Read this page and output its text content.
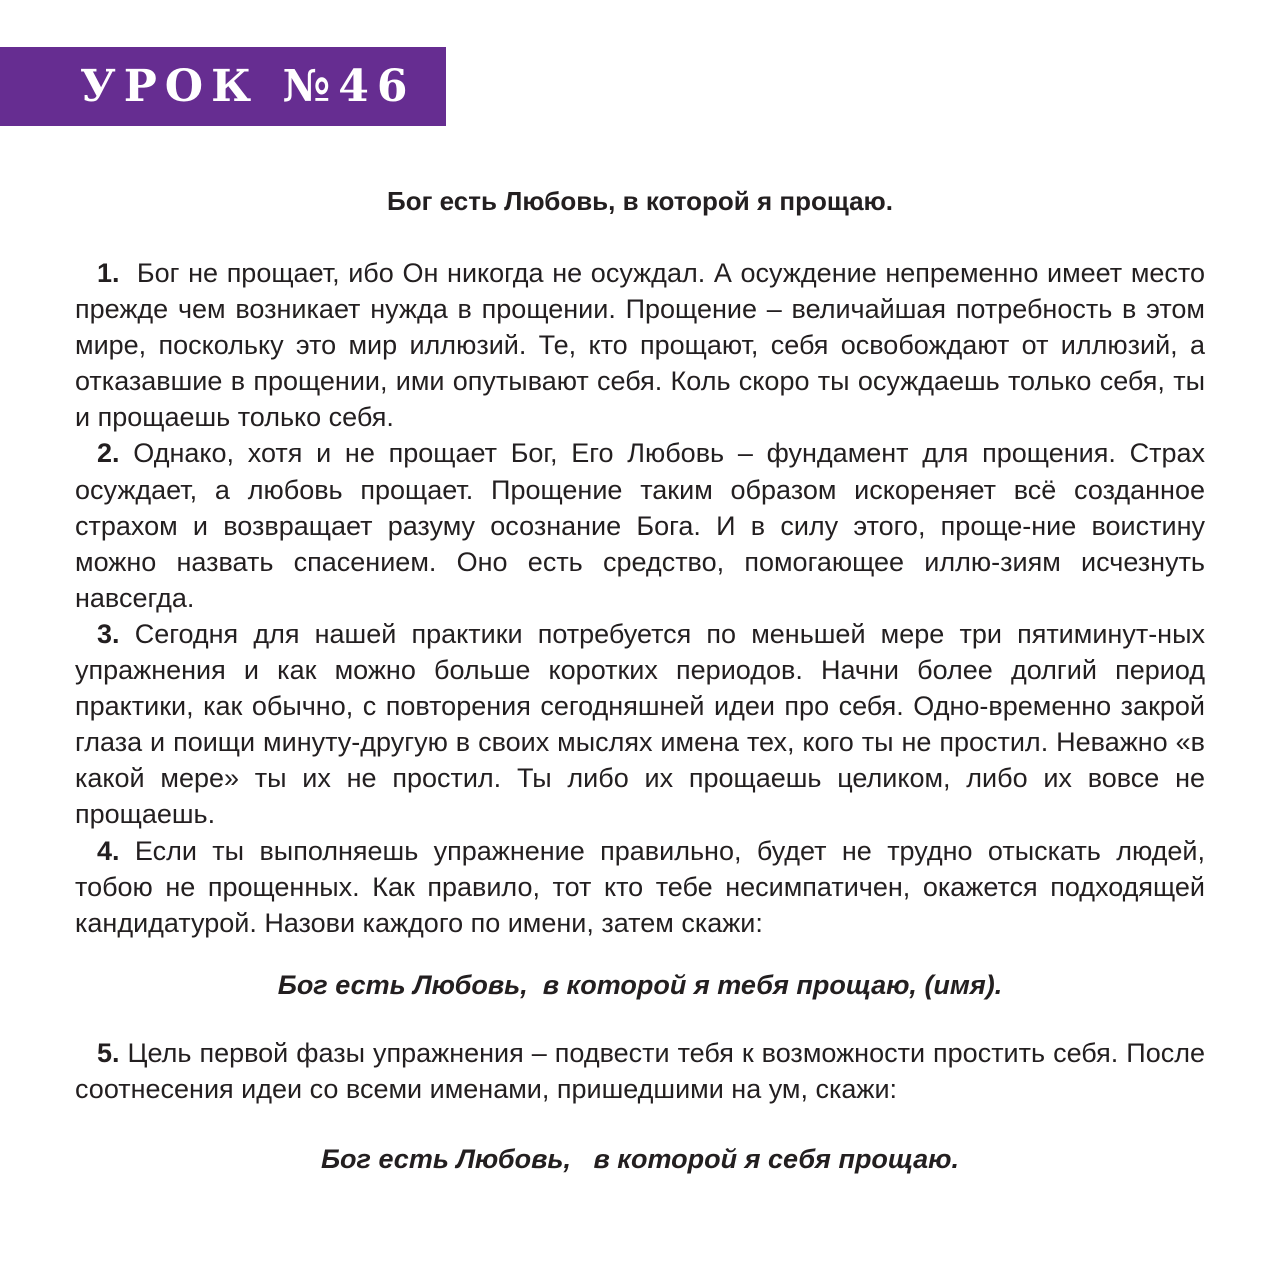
УРОК №46
Бог есть Любовь, в которой я прощаю.

1. Бог не прощает, ибо Он никогда не осуждал. А осуждение непременно имеет место прежде чем возникает нужда в прощении. Прощение – величайшая потребность в этом мире, поскольку это мир иллюзий. Те, кто прощают, себя освобождают от иллюзий, а отказавшие в прощении, ими опутывают себя. Коль скоро ты осуждаешь только себя, ты и прощаешь только себя.

2. Однако, хотя и не прощает Бог, Его Любовь – фундамент для прощения. Страх осуждает, а любовь прощает. Прощение таким образом искореняет всё созданное страхом и возвращает разуму осознание Бога. И в силу этого, проще-ние воистину можно назвать спасением. Оно есть средство, помогающее иллю-зиям исчезнуть навсегда.

3. Сегодня для нашей практики потребуется по меньшей мере три пятиминут-ных упражнения и как можно больше коротких периодов. Начни более долгий период практики, как обычно, с повторения сегодняшней идеи про себя. Одно-временно закрой глаза и поищи минуту-другую в своих мыслях имена тех, кого ты не простил. Неважно «в какой мере» ты их не простил. Ты либо их прощаешь целиком, либо их вовсе не прощаешь.

4. Если ты выполняешь упражнение правильно, будет не трудно отыскать людей, тобою не прощенных. Как правило, тот кто тебе несимпатичен, окажется подходящей кандидатурой. Назови каждого по имени, затем скажи:

Бог есть Любовь,  в которой я тебя прощаю, (имя).

5. Цель первой фазы упражнения – подвести тебя к возможности простить себя. После соотнесения идеи со всеми именами, пришедшими на ум, скажи:

Бог есть Любовь,   в которой я себя прощаю.
